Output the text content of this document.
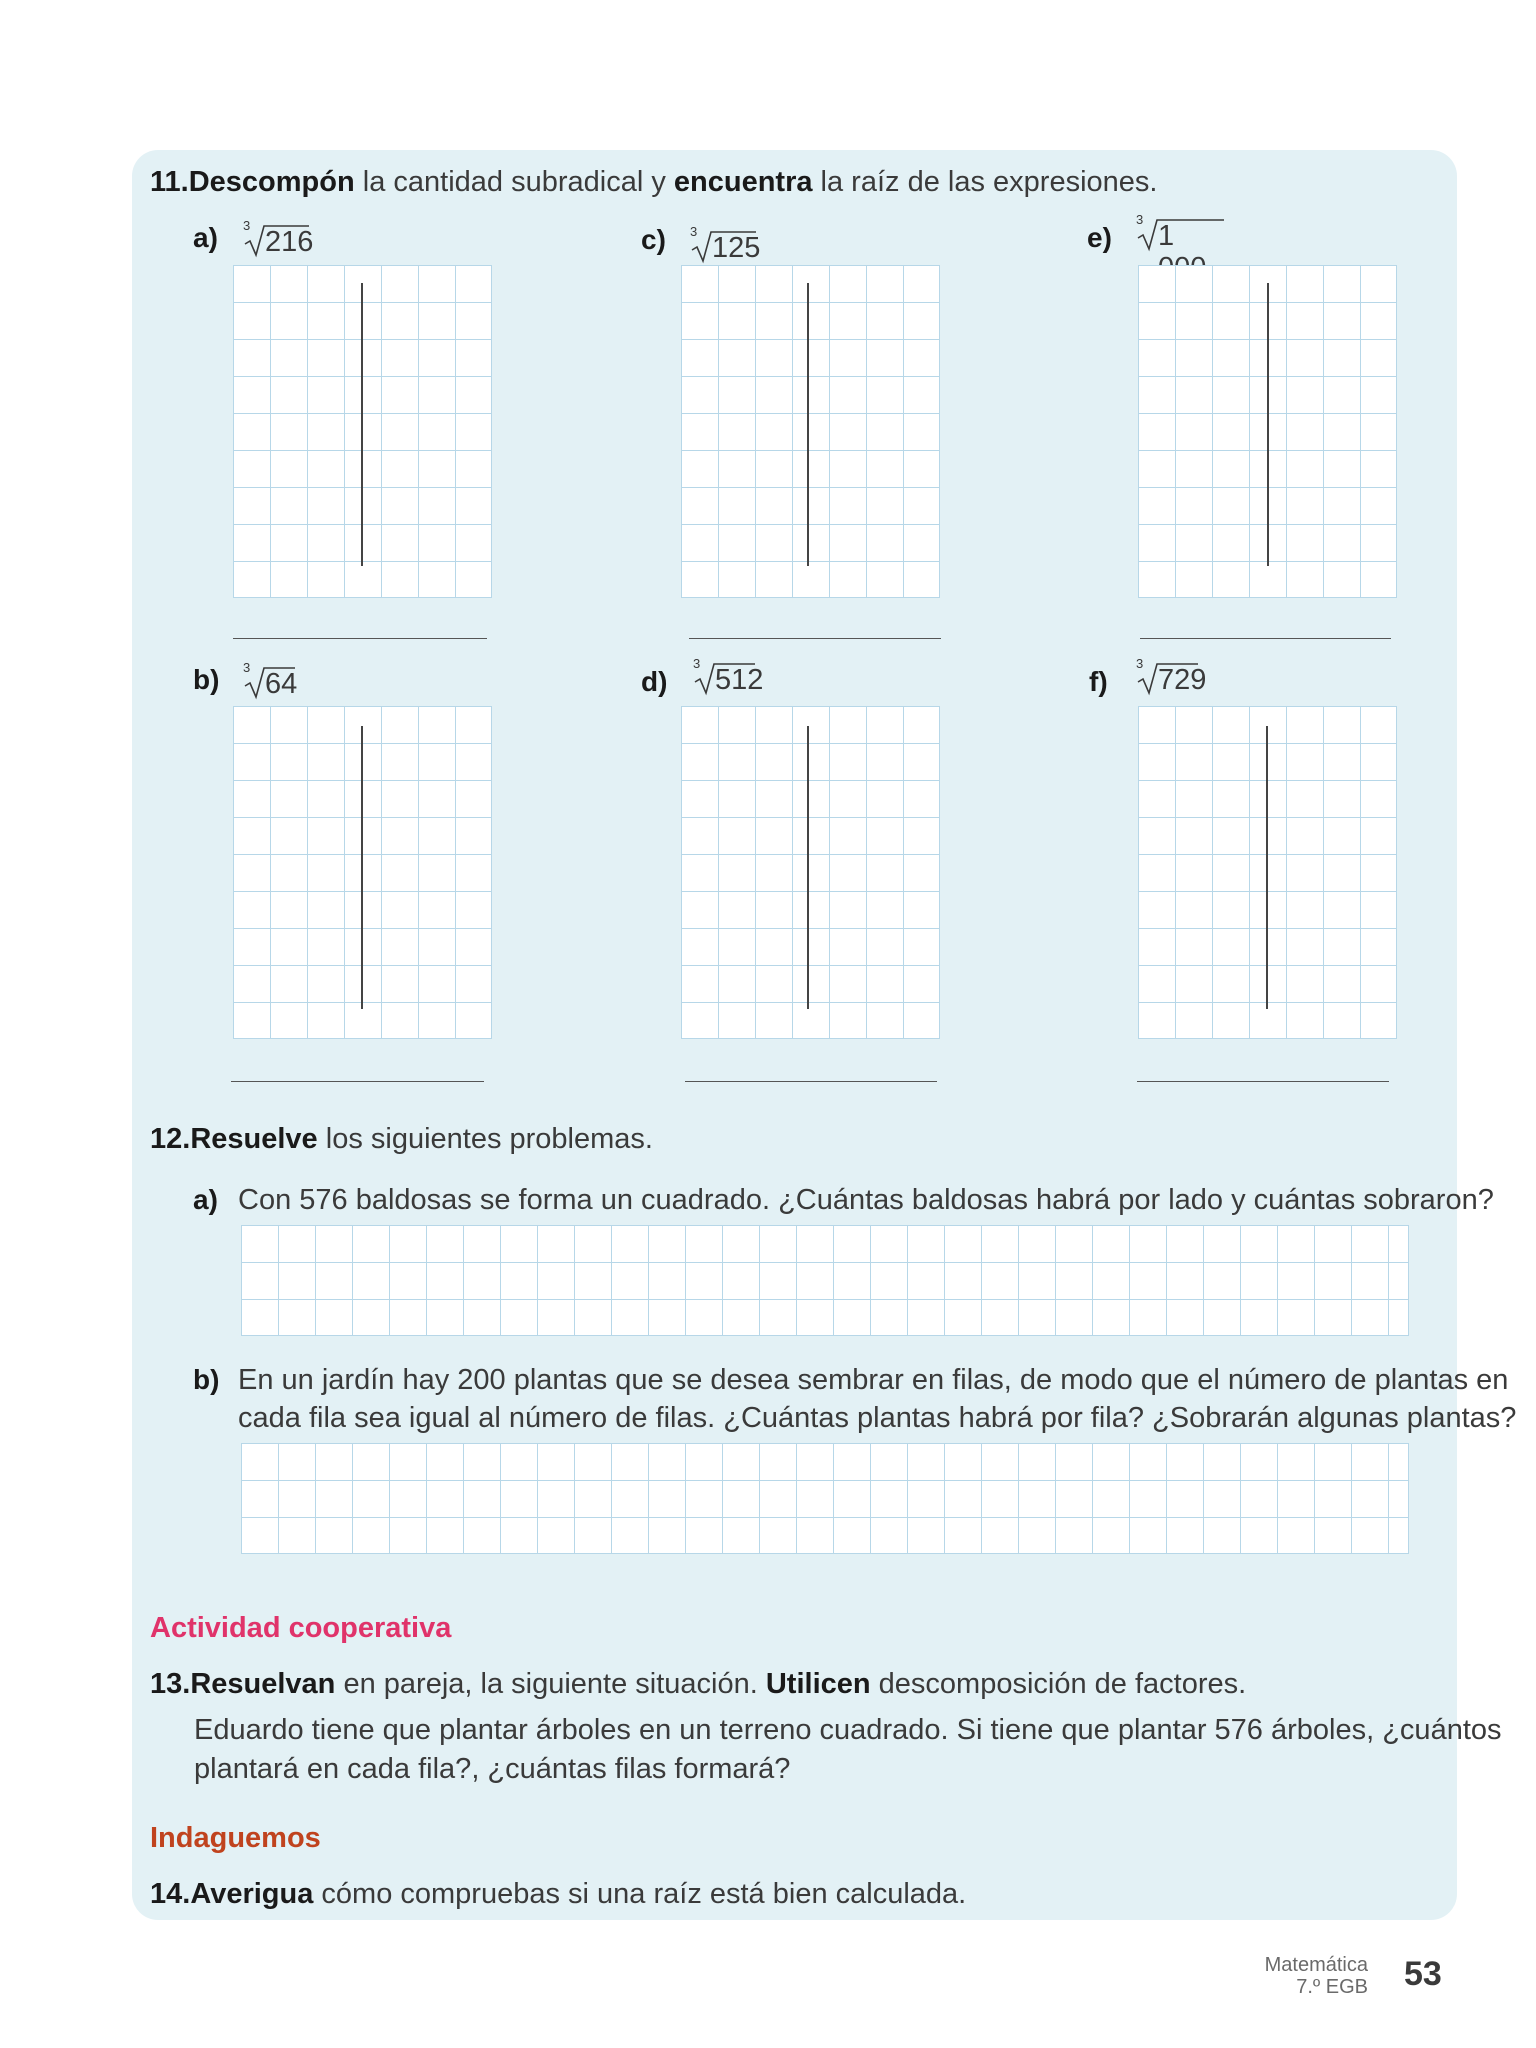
11.Descompón la cantidad subradical y encuentra la raíz de las expresiones.
a) 3
216	c) 3
125	e)
3
1
b) 3
64	d)
3
512	f)
3
729
12.Resuelve los siguientes problemas.
a) Con 576 baldosas se forma un cuadrado. ¿Cuántas baldosas habrá por lado y cuántas sobraron?
b) En un jardín hay 200 plantas que se desea sembrar en filas, de modo que el número de plantas en
cada fila sea igual al número de filas. ¿Cuántas plantas habrá por fila? ¿Sobrarán algunas plantas?
Actividad cooperativa
13.Resuelvan en pareja, la siguiente situación. Utilicen descomposición de factores.
Eduardo tiene que plantar árboles en un terreno cuadrado. Si tiene que plantar 576 árboles, ¿cuántos
plantará en cada fila?, ¿cuántas filas formará?
Indaguemos
14.Averigua cómo compruebas si una raíz está bien calculada.
Matemática
7.º EGB 53
